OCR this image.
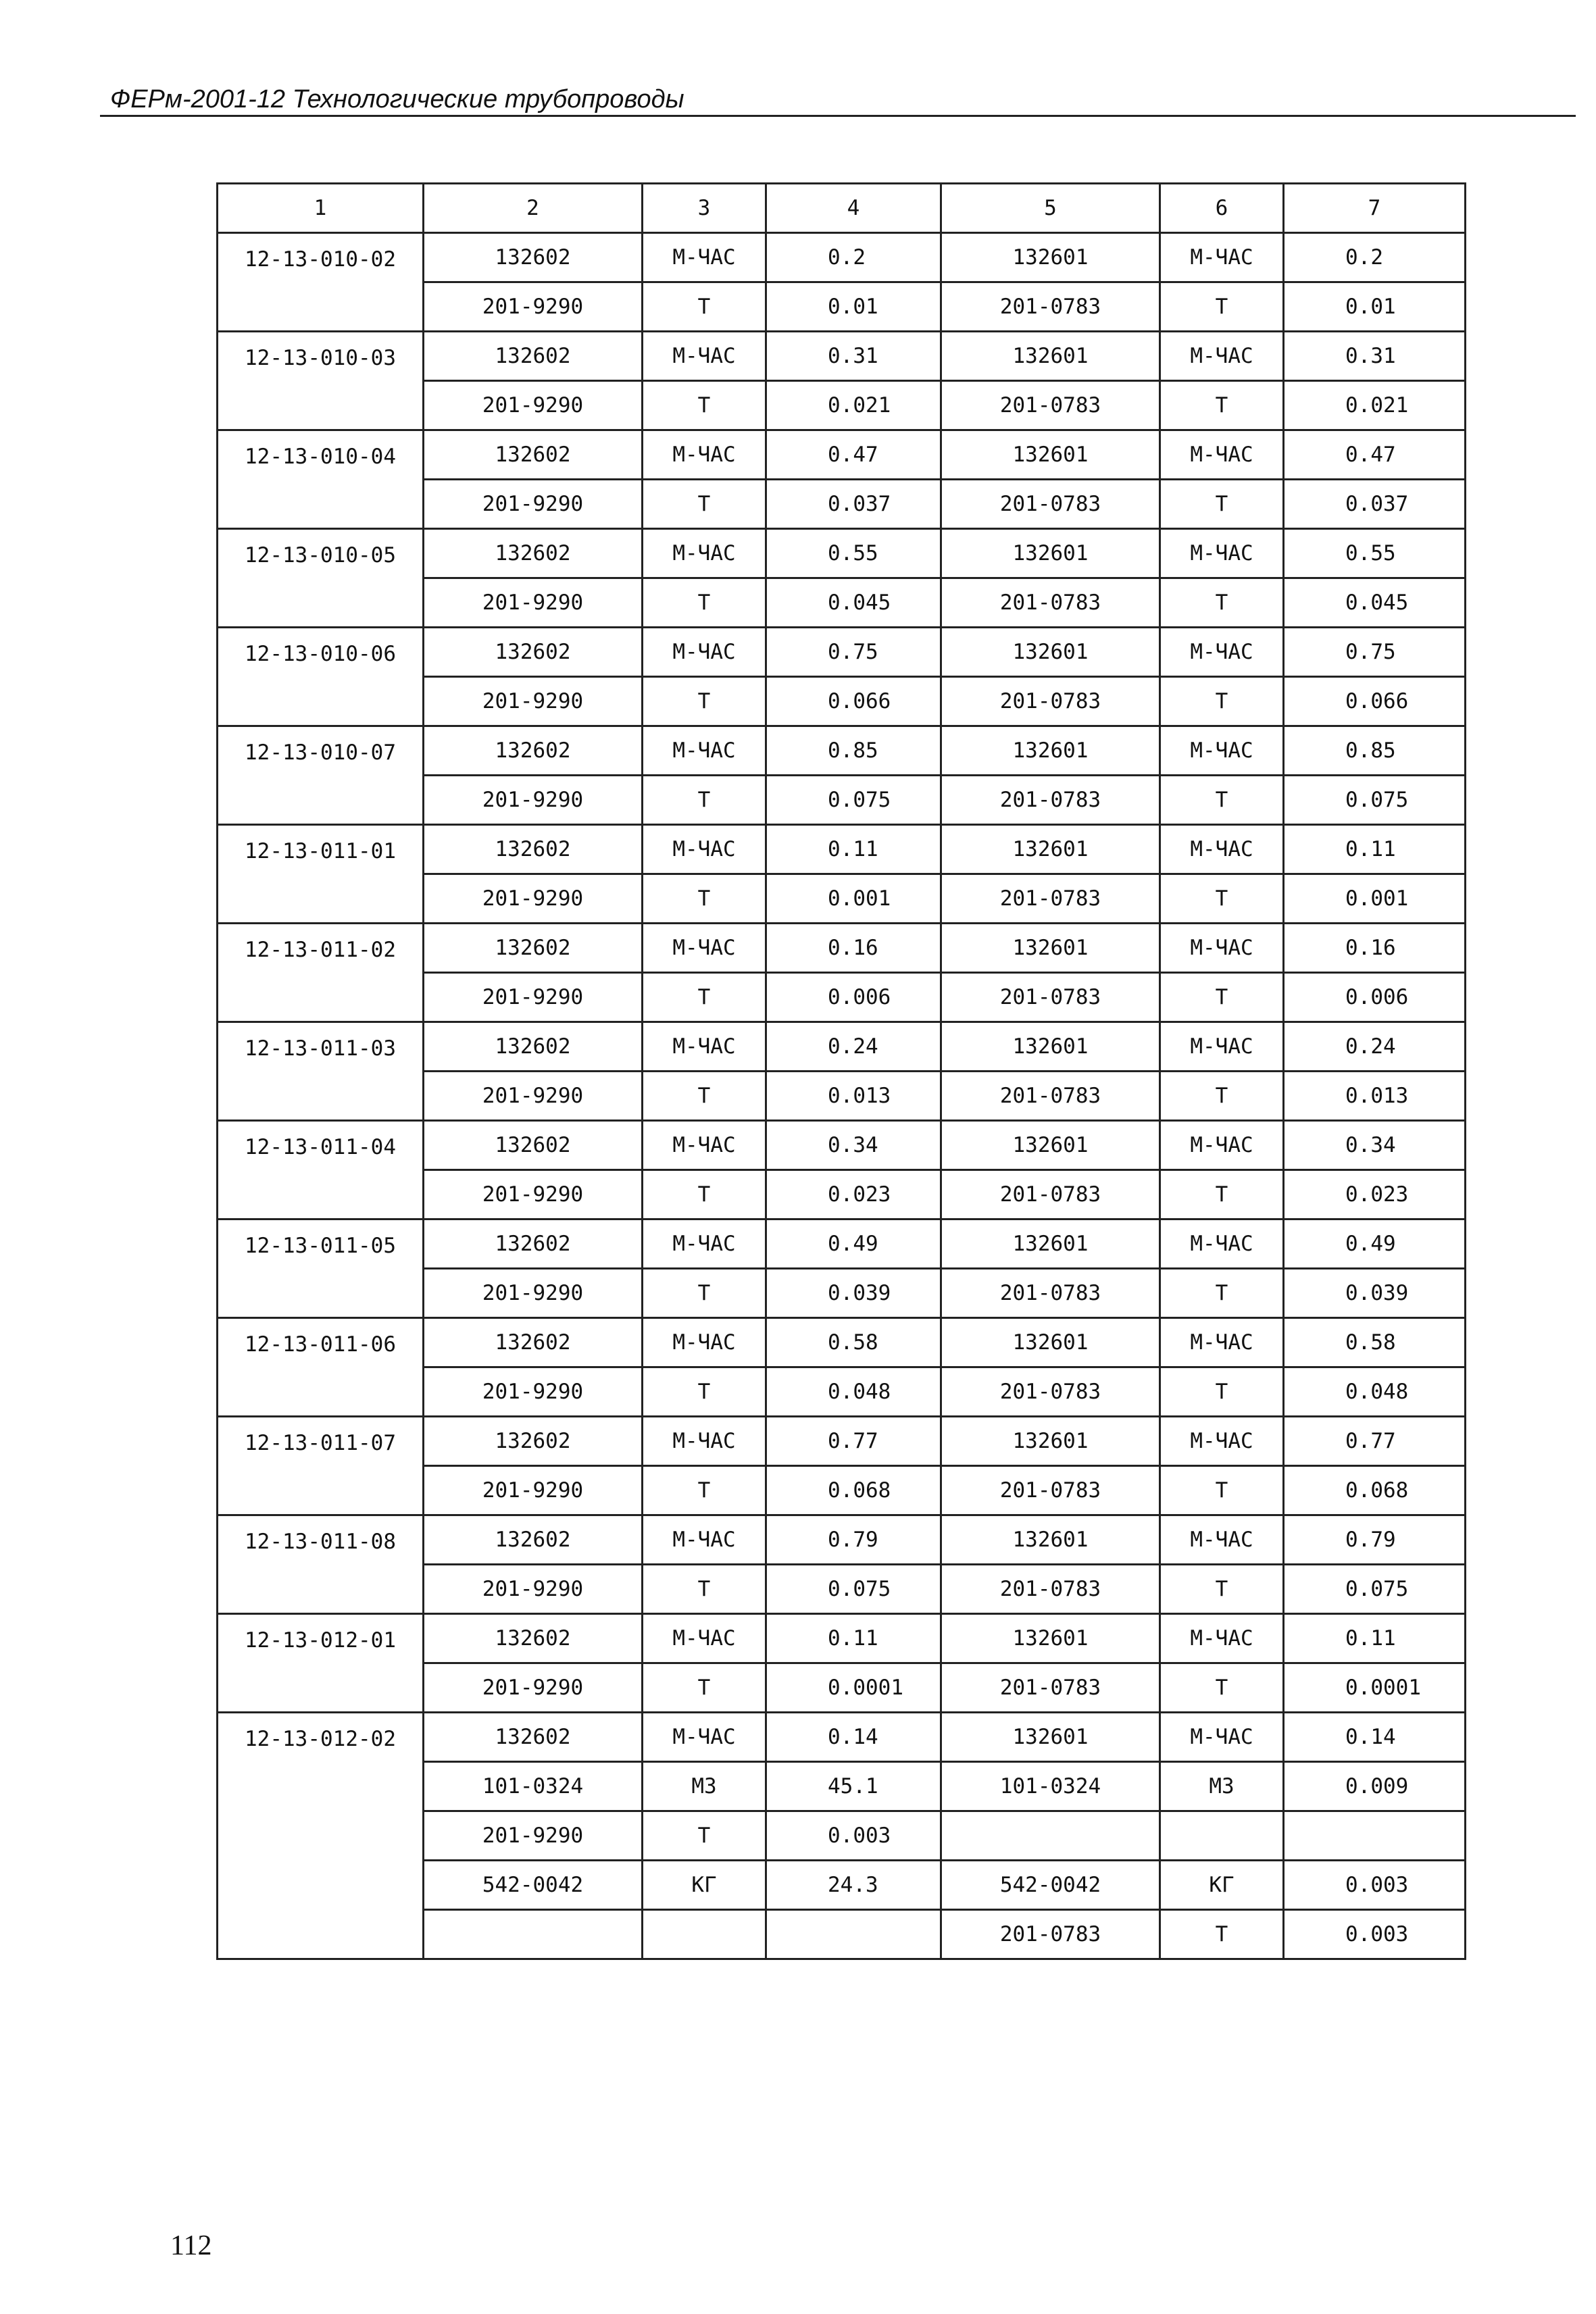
ФЕРм-2001-12 Технологические трубопроводы
1	2	3	4	5	6	7
12-13-010-02	132602	М-ЧАС	0.2	132601	М-ЧАС	0.2
	201-9290	Т	0.01	201-0783	Т	0.01
12-13-010-03	132602	М-ЧАС	0.31	132601	М-ЧАС	0.31
	201-9290	Т	0.021	201-0783	Т	0.021
12-13-010-04	132602	М-ЧАС	0.47	132601	М-ЧАС	0.47
	201-9290	Т	0.037	201-0783	Т	0.037
12-13-010-05	132602	М-ЧАС	0.55	132601	М-ЧАС	0.55
	201-9290	Т	0.045	201-0783	Т	0.045
12-13-010-06	132602	М-ЧАС	0.75	132601	М-ЧАС	0.75
	201-9290	Т	0.066	201-0783	Т	0.066
12-13-010-07	132602	М-ЧАС	0.85	132601	М-ЧАС	0.85
	201-9290	Т	0.075	201-0783	Т	0.075
12-13-011-01	132602	М-ЧАС	0.11	132601	М-ЧАС	0.11
	201-9290	Т	0.001	201-0783	Т	0.001
12-13-011-02	132602	М-ЧАС	0.16	132601	М-ЧАС	0.16
	201-9290	Т	0.006	201-0783	Т	0.006
12-13-011-03	132602	М-ЧАС	0.24	132601	М-ЧАС	0.24
	201-9290	Т	0.013	201-0783	Т	0.013
12-13-011-04	132602	М-ЧАС	0.34	132601	М-ЧАС	0.34
	201-9290	Т	0.023	201-0783	Т	0.023
12-13-011-05	132602	М-ЧАС	0.49	132601	М-ЧАС	0.49
	201-9290	Т	0.039	201-0783	Т	0.039
12-13-011-06	132602	М-ЧАС	0.58	132601	М-ЧАС	0.58
	201-9290	Т	0.048	201-0783	Т	0.048
12-13-011-07	132602	М-ЧАС	0.77	132601	М-ЧАС	0.77
	201-9290	Т	0.068	201-0783	Т	0.068
12-13-011-08	132602	М-ЧАС	0.79	132601	М-ЧАС	0.79
	201-9290	Т	0.075	201-0783	Т	0.075
12-13-012-01	132602	М-ЧАС	0.11	132601	М-ЧАС	0.11
	201-9290	Т	0.0001	201-0783	Т	0.0001
12-13-012-02	132602	М-ЧАС	0.14	132601	М-ЧАС	0.14
	101-0324	М3	45.1	101-0324	М3	0.009
	201-9290	Т	0.003			
	542-0042	КГ	24.3	542-0042	КГ	0.003
				201-0783	Т	0.003
112
